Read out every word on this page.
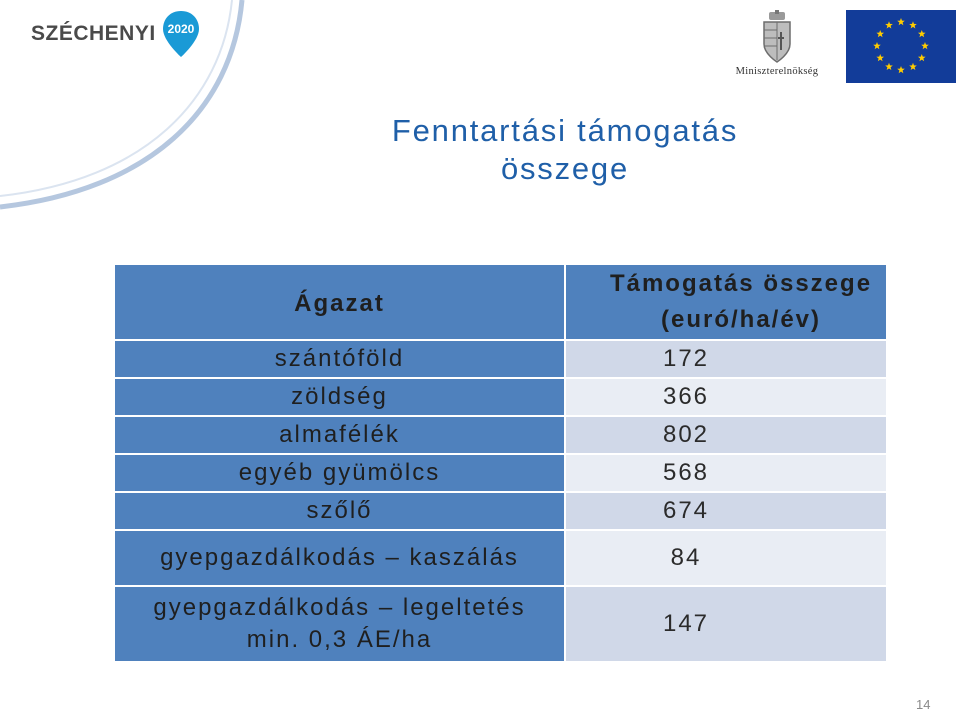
SZÉCHENYI 2020
Miniszterelnökség
Fenntartási támogatás
összege
Ágazat	Támogatás összege
(euró/ha/év)

szántóföld	172
zöldség	366
almafélék	802
egyéb gyümölcs	568
szőlő	674
gyepgazdálkodás – kaszálás	84

gyepgazdálkodás – legeltetés
min. 0,3 ÁE/ha	147
14
